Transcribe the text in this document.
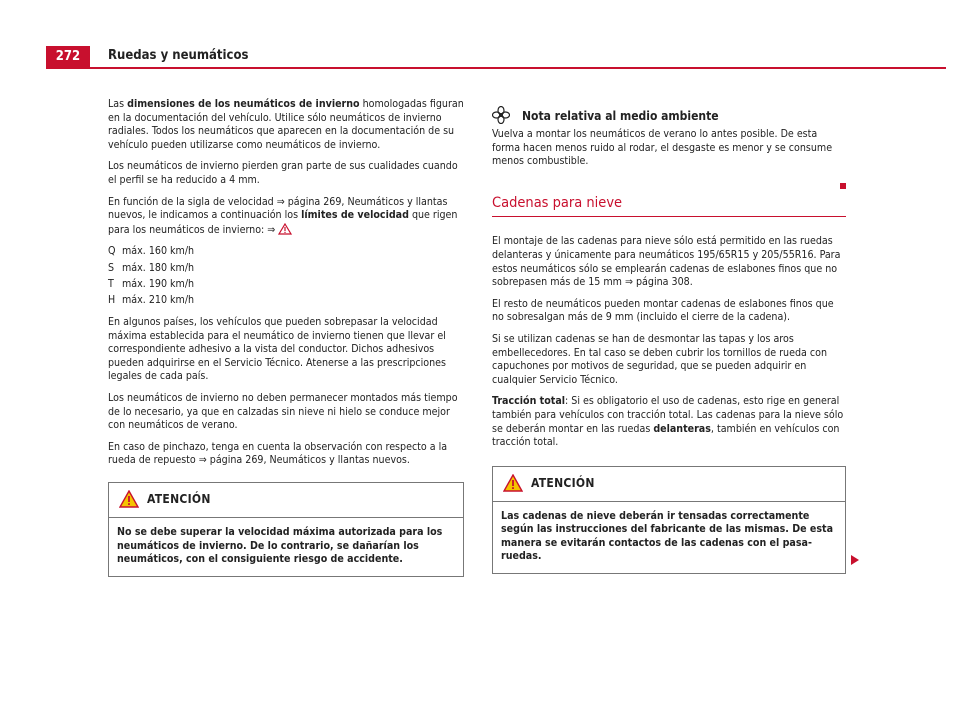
272	Ruedas y neumáticos

Las dimensiones de los neumáticos de invierno homologadas figuran en la documentación del vehículo. Utilice sólo neumáticos de invierno radiales. Todos los neumáticos que aparecen en la documentación de su vehículo pueden utilizarse como neumáticos de invierno.

Los neumáticos de invierno pierden gran parte de sus cualidades cuando el perfil se ha reducido a 4 mm.

En función de la sigla de velocidad ⇒ página 269, Neumáticos y llantas nuevos, le indicamos a continuación los límites de velocidad que rigen para los neumáticos de invierno: ⇒

Q máx. 160 km/h
S máx. 180 km/h
T máx. 190 km/h
H máx. 210 km/h

En algunos países, los vehículos que pueden sobrepasar la velocidad máxima establecida para el neumático de invierno tienen que llevar el correspondiente adhesivo a la vista del conductor. Dichos adhesivos pueden adquirirse en el Servicio Técnico. Atenerse a las prescripciones legales de cada país.

Los neumáticos de invierno no deben permanecer montados más tiempo de lo necesario, ya que en calzadas sin nieve ni hielo se conduce mejor con neumáticos de verano.

En caso de pinchazo, tenga en cuenta la observación con respecto a la rueda de repuesto ⇒ página 269, Neumáticos y llantas nuevos.

ATENCIÓN
No se debe superar la velocidad máxima autorizada para los neumáticos de invierno. De lo contrario, se dañarían los neumáticos, con el consiguiente riesgo de accidente.
Nota relativa al medio ambiente

Vuelva a montar los neumáticos de verano lo antes posible. De esta forma hacen menos ruido al rodar, el desgaste es menor y se consume menos combustible.

Cadenas para nieve

El montaje de las cadenas para nieve sólo está permitido en las ruedas delanteras y únicamente para neumáticos 195/65R15 y 205/55R16. Para estos neumáticos sólo se emplearán cadenas de eslabones finos que no sobrepasen más de 15 mm ⇒ página 308.

El resto de neumáticos pueden montar cadenas de eslabones finos que no sobresalgan más de 9 mm (incluido el cierre de la cadena).

Si se utilizan cadenas se han de desmontar las tapas y los aros embellecedores. En tal caso se deben cubrir los tornillos de rueda con capuchones por motivos de seguridad, que se pueden adquirir en cualquier Servicio Técnico.

Tracción total: Si es obligatorio el uso de cadenas, esto rige en general también para vehículos con tracción total. Las cadenas para la nieve sólo se deberán montar en las ruedas delanteras, también en vehículos con tracción total.

ATENCIÓN
Las cadenas de nieve deberán ir tensadas correctamente según las instrucciones del fabricante de las mismas. De esta manera se evitarán contactos de las cadenas con el pasa-ruedas.
